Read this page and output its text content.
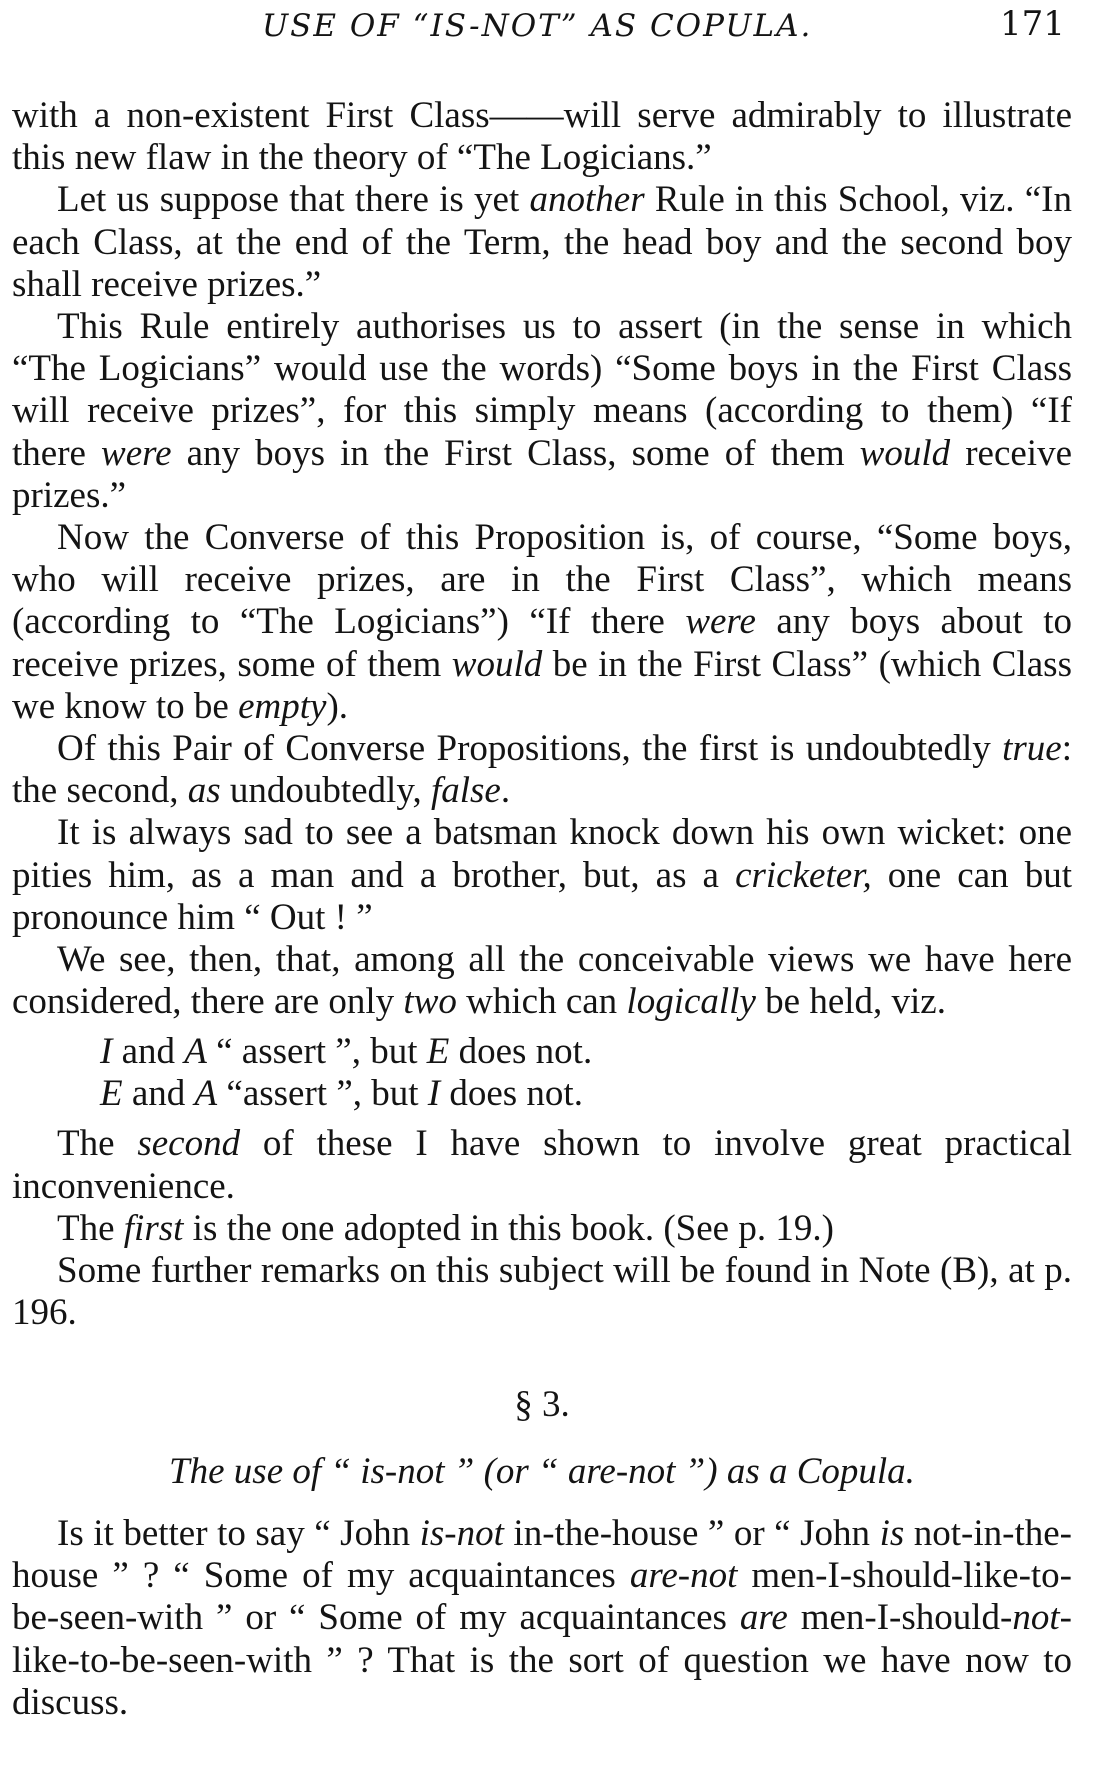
USE OF “IS-NOT” AS COPULA.	171

with a non-existent First Class——will serve admirably to illustrate this new flaw in the theory of “The Logicians.”

Let us suppose that there is yet another Rule in this School, viz. “In each Class, at the end of the Term, the head boy and the second boy shall receive prizes.”

This Rule entirely authorises us to assert (in the sense in which “The Logicians” would use the words) “Some boys in the First Class will receive prizes”, for this simply means (according to them) “If there were any boys in the First Class, some of them would receive prizes.”

Now the Converse of this Proposition is, of course, “Some boys, who will receive prizes, are in the First Class”, which means (according to “The Logicians”) “If there were any boys about to receive prizes, some of them would be in the First Class” (which Class we know to be empty).

Of this Pair of Converse Propositions, the first is undoubtedly true: the second, as undoubtedly, false.

It is always sad to see a batsman knock down his own wicket: one pities him, as a man and a brother, but, as a cricketer, one can but pronounce him “ Out ! ”

We see, then, that, among all the conceivable views we have here considered, there are only two which can logically be held, viz.

I and A “ assert ”, but E does not.
E and A “assert ”, but I does not.

The second of these I have shown to involve great practical inconvenience.

The first is the one adopted in this book. (See p. 19.)

Some further remarks on this subject will be found in Note (B), at p. 196.

§ 3.
The use of “ is-not ” (or “ are-not ”) as a Copula.

Is it better to say “ John is-not in-the-house ” or “ John is not-in-the-house ” ? “ Some of my acquaintances are-not men-I-should-like-to-be-seen-with ” or “ Some of my acquaintances are men-I-should-not-like-to-be-seen-with ” ? That is the sort of question we have now to discuss.
